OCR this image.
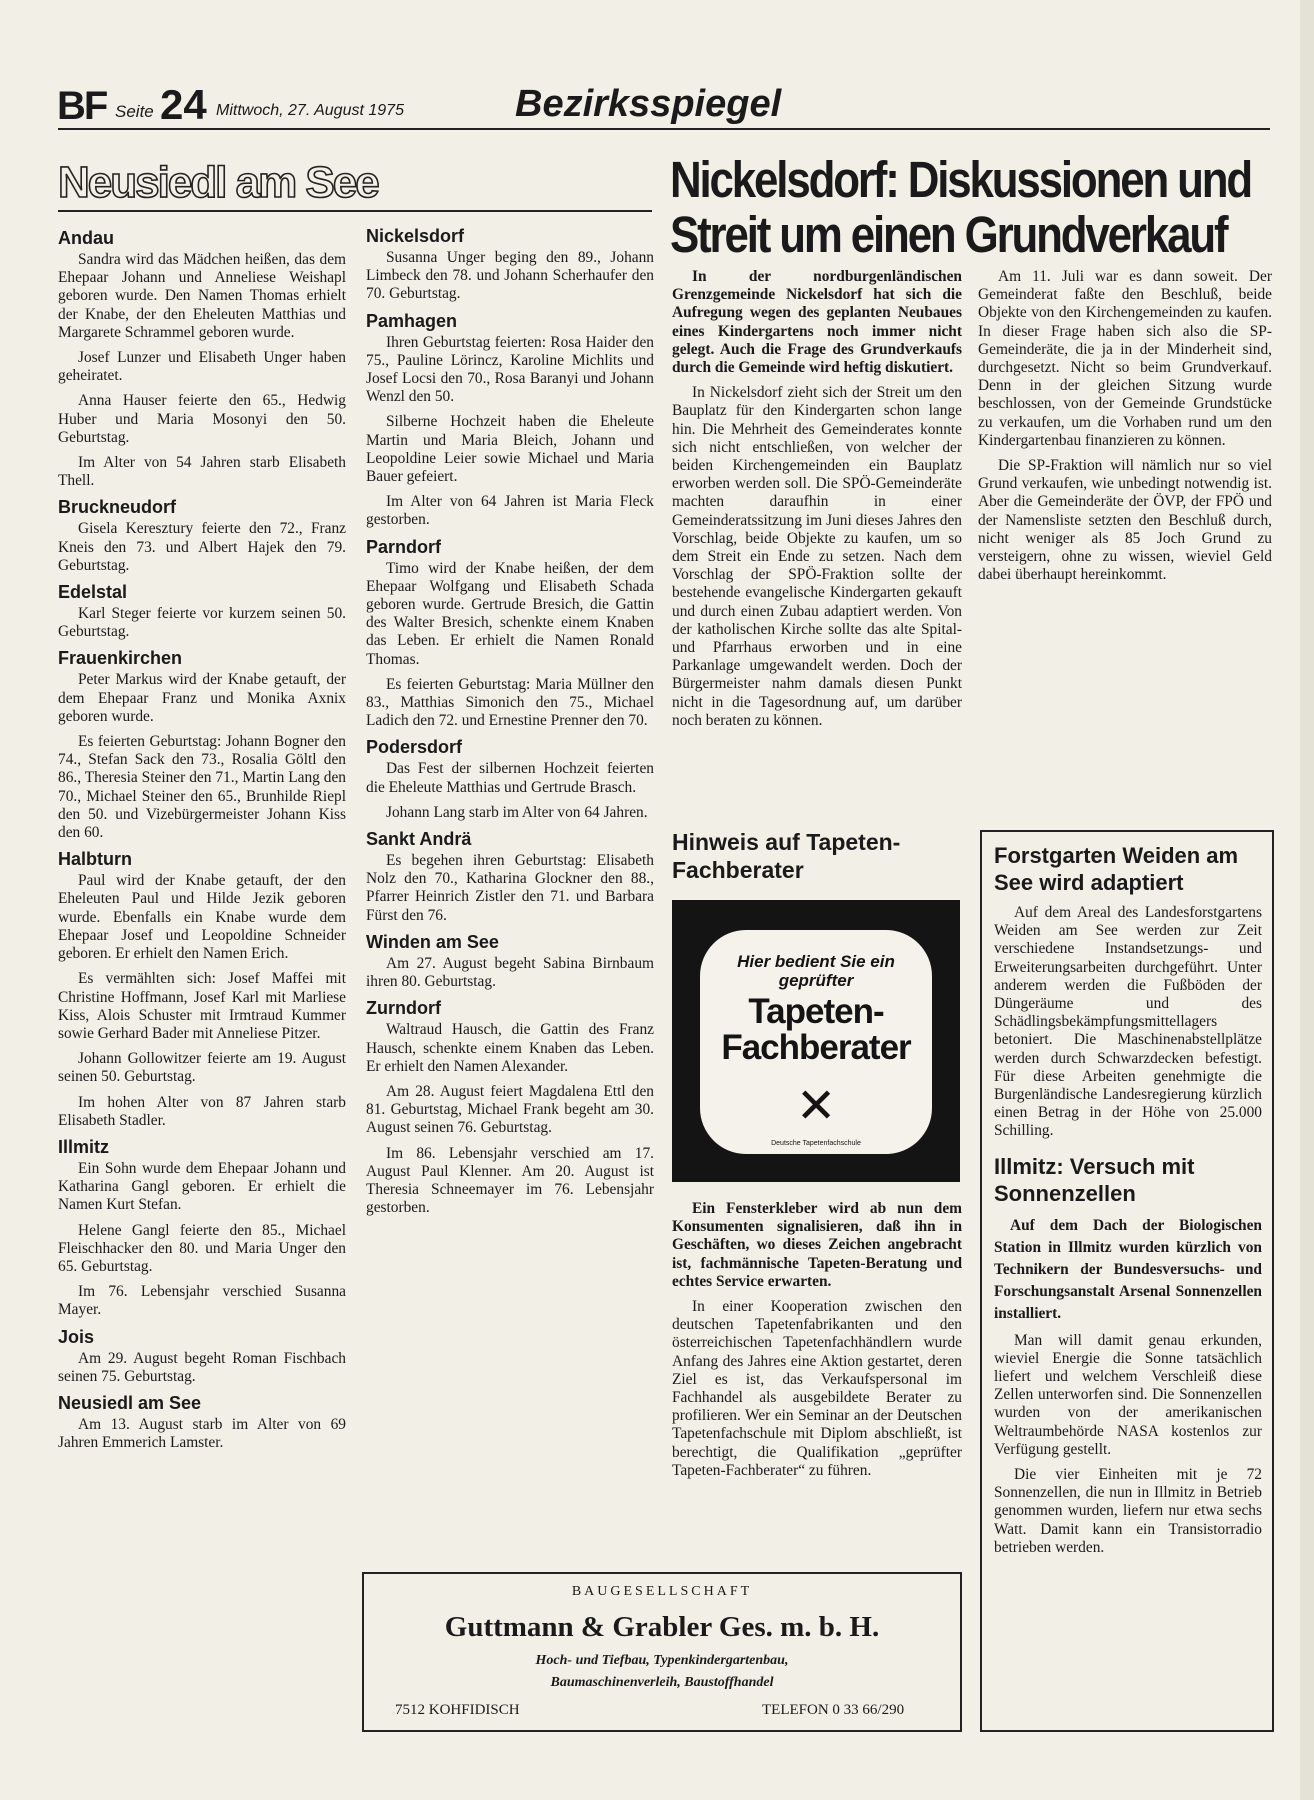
BF Seite 24 Mittwoch, 27. August 1975	Bezirksspiegel
Neusiedl am See
Andau

Sandra wird das Mädchen heißen, das dem Ehepaar Johann und Anneliese Weishapl geboren wurde. Den Namen Thomas erhielt der Knabe, der den Eheleuten Matthias und Margarete Schrammel geboren wurde.

Josef Lunzer und Elisabeth Unger haben geheiratet.

Anna Hauser feierte den 65., Hedwig Huber und Maria Mosonyi den 50. Geburtstag.

Im Alter von 54 Jahren starb Elisabeth Thell.

Bruckneudorf

Gisela Keresztury feierte den 72., Franz Kneis den 73. und Albert Hajek den 79. Geburtstag.

Edelstal

Karl Steger feierte vor kurzem seinen 50. Geburtstag.

Frauenkirchen

Peter Markus wird der Knabe getauft, der dem Ehepaar Franz und Monika Axnix geboren wurde.

Es feierten Geburtstag: Johann Bogner den 74., Stefan Sack den 73., Rosalia Göltl den 86., Theresia Steiner den 71., Martin Lang den 70., Michael Steiner den 65., Brunhilde Riepl den 50. und Vizebürgermeister Johann Kiss den 60.

Halbturn

Paul wird der Knabe getauft, der den Eheleuten Paul und Hilde Jezik geboren wurde. Ebenfalls ein Knabe wurde dem Ehepaar Josef und Leopoldine Schneider geboren. Er erhielt den Namen Erich.

Es vermählten sich: Josef Maffei mit Christine Hoffmann, Josef Karl mit Marliese Kiss, Alois Schuster mit Irmtraud Kummer sowie Gerhard Bader mit Anneliese Pitzer.

Johann Gollowitzer feierte am 19. August seinen 50. Geburtstag.

Im hohen Alter von 87 Jahren starb Elisabeth Stadler.

Illmitz

Ein Sohn wurde dem Ehepaar Johann und Katharina Gangl geboren. Er erhielt die Namen Kurt Stefan.

Helene Gangl feierte den 85., Michael Fleischhacker den 80. und Maria Unger den 65. Geburtstag.

Im 76. Lebensjahr verschied Susanna Mayer.

Jois

Am 29. August begeht Roman Fischbach seinen 75. Geburtstag.

Neusiedl am See

Am 13. August starb im Alter von 69 Jahren Emmerich Lamster.

Nickelsdorf

Susanna Unger beging den 89., Johann Limbeck den 78. und Johann Scherhaufer den 70. Geburtstag.

Pamhagen

Ihren Geburtstag feierten: Rosa Haider den 75., Pauline Lörincz, Karoline Michlits und Josef Locsi den 70., Rosa Baranyi und Johann Wenzl den 50.

Silberne Hochzeit haben die Eheleute Martin und Maria Bleich, Johann und Leopoldine Leier sowie Michael und Maria Bauer gefeiert.

Im Alter von 64 Jahren ist Maria Fleck gestorben.

Parndorf

Timo wird der Knabe heißen, der dem Ehepaar Wolfgang und Elisabeth Schada geboren wurde. Gertrude Bresich, die Gattin des Walter Bresich, schenkte einem Knaben das Leben. Er erhielt die Namen Ronald Thomas.

Es feierten Geburtstag: Maria Müllner den 83., Matthias Simonich den 75., Michael Ladich den 72. und Ernestine Prenner den 70.

Podersdorf

Das Fest der silbernen Hochzeit feierten die Eheleute Matthias und Gertrude Brasch.

Johann Lang starb im Alter von 64 Jahren.

Sankt Andrä

Es begehen ihren Geburtstag: Elisabeth Nolz den 70., Katharina Glockner den 88., Pfarrer Heinrich Zistler den 71. und Barbara Fürst den 76.

Winden am See

Am 27. August begeht Sabina Birnbaum ihren 80. Geburtstag.

Zurndorf

Waltraud Hausch, die Gattin des Franz Hausch, schenkte einem Knaben das Leben. Er erhielt den Namen Alexander.

Am 28. August feiert Magdalena Ettl den 81. Geburtstag, Michael Frank begeht am 30. August seinen 76. Geburtstag.

Im 86. Lebensjahr verschied am 17. August Paul Klenner. Am 20. August ist Theresia Schneemayer im 76. Lebensjahr gestorben.

Nickelsdorf: Diskussionen und
Streit um einen Grundverkauf

In der nordburgenländischen Grenzgemeinde Nickelsdorf hat sich die Aufregung wegen des geplanten Neubaues eines Kindergartens noch immer nicht gelegt. Auch die Frage des Grundverkaufs durch die Gemeinde wird heftig diskutiert.

In Nickelsdorf zieht sich der Streit um den Bauplatz für den Kindergarten schon lange hin. Die Mehrheit des Gemeinderates konnte sich nicht entschließen, von welcher der beiden Kirchengemeinden ein Bauplatz erworben werden soll. Die SPÖ-Gemeinderäte machten daraufhin in einer Gemeinderatssitzung im Juni dieses Jahres den Vorschlag, beide Objekte zu kaufen, um so dem Streit ein Ende zu setzen. Nach dem Vorschlag der SPÖ-Fraktion sollte der bestehende evangelische Kindergarten gekauft und durch einen Zubau adaptiert werden. Von der katholischen Kirche sollte das alte Spital- und Pfarrhaus erworben und in eine Parkanlage umgewandelt werden. Doch der Bürgermeister nahm damals diesen Punkt nicht in die Tagesordnung auf, um darüber noch beraten zu können.

Am 11. Juli war es dann soweit. Der Gemeinderat faßte den Beschluß, beide Objekte von den Kirchengemeinden zu kaufen. In dieser Frage haben sich also die SP-Gemeinderäte, die ja in der Minderheit sind, durchgesetzt. Nicht so beim Grundverkauf. Denn in der gleichen Sitzung wurde beschlossen, von der Gemeinde Grundstücke zu verkaufen, um die Vorhaben rund um den Kindergartenbau finanzieren zu können.

Die SP-Fraktion will nämlich nur so viel Grund verkaufen, wie unbedingt notwendig ist. Aber die Gemeinderäte der ÖVP, der FPÖ und der Namensliste setzten den Beschluß durch, nicht weniger als 85 Joch Grund zu versteigern, ohne zu wissen, wieviel Geld dabei überhaupt hereinkommt.

Hinweis auf Tapeten-Fachberater
Hier bedient Sie ein geprüfter
Tapeten-Fachberater
✕
Deutsche Tapetenfachschule

Ein Fensterkleber wird ab nun dem Konsumenten signalisieren, daß ihn in Geschäften, wo dieses Zeichen angebracht ist, fachmännische Tapeten-Beratung und echtes Service erwarten.

In einer Kooperation zwischen den deutschen Tapetenfabrikanten und den österreichischen Tapetenfachhändlern wurde Anfang des Jahres eine Aktion gestartet, deren Ziel es ist, das Verkaufspersonal im Fachhandel als ausgebildete Berater zu profilieren. Wer ein Seminar an der Deutschen Tapetenfachschule mit Diplom abschließt, ist berechtigt, die Qualifikation „geprüfter Tapeten-Fachberater“ zu führen.

Forstgarten Weiden am See wird adaptiert

Auf dem Areal des Landesforstgartens Weiden am See werden zur Zeit verschiedene Instandsetzungs- und Erweiterungsarbeiten durchgeführt. Unter anderem werden die Fußböden der Düngeräume und des Schädlingsbekämpfungsmittellagers betoniert. Die Maschinenabstellplätze werden durch Schwarzdecken befestigt. Für diese Arbeiten genehmigte die Burgenländische Landesregierung kürzlich einen Betrag in der Höhe von 25.000 Schilling.

Illmitz: Versuch mit Sonnenzellen

Auf dem Dach der Biologischen Station in Illmitz wurden kürzlich von Technikern der Bundesversuchs- und Forschungsanstalt Arsenal Sonnenzellen installiert.

Man will damit genau erkunden, wieviel Energie die Sonne tatsächlich liefert und welchem Verschleiß diese Zellen unterworfen sind. Die Sonnenzellen wurden von der amerikanischen Weltraumbehörde NASA kostenlos zur Verfügung gestellt.

Die vier Einheiten mit je 72 Sonnenzellen, die nun in Illmitz in Betrieb genommen wurden, liefern nur etwa sechs Watt. Damit kann ein Transistorradio betrieben werden.

BAUGESELLSCHAFT
Guttmann & Grabler Ges. m. b. H.
Hoch- und Tiefbau, Typenkindergartenbau,
Baumaschinenverleih, Baustoffhandel
7512 KOHFIDISCH	TELEFON 0 33 66/290
